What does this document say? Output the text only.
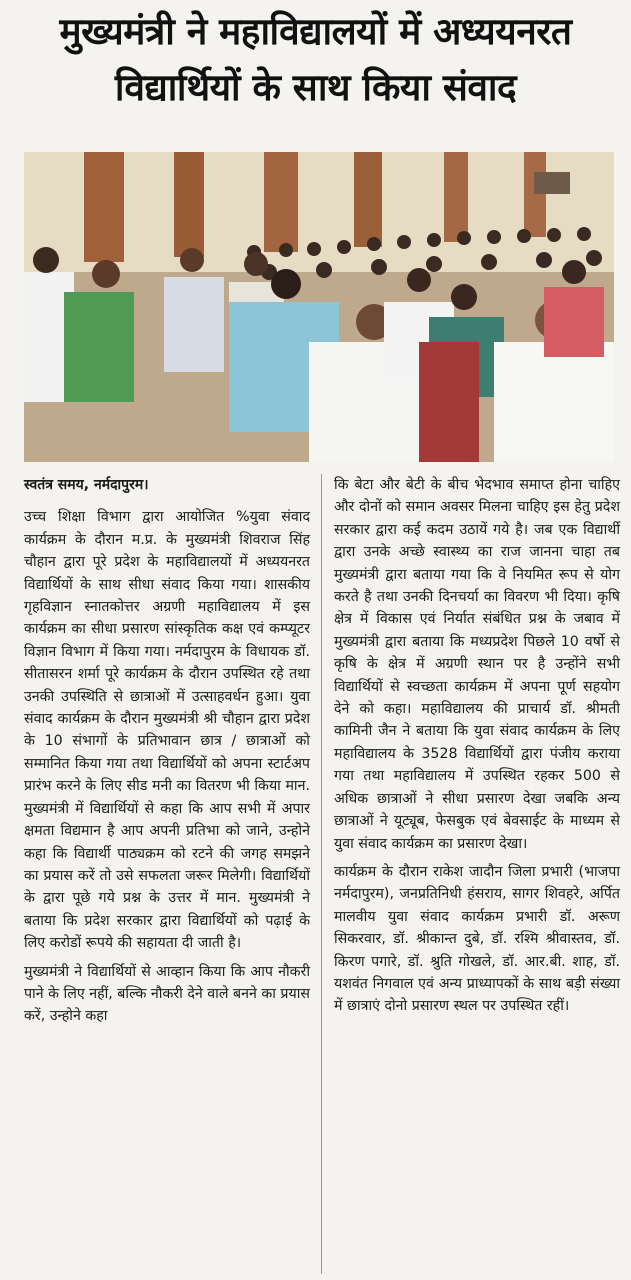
मुख्यमंत्री ने महाविद्यालयों में अध्ययनरत
विद्यार्थियों के साथ किया संवाद
स्वतंत्र समय, नर्मदापुरम।

उच्च शिक्षा विभाग द्वारा आयोजित %युवा संवाद कार्यक्रम के दौरान म.प्र. के मुख्यमंत्री शिवराज सिंह चौहान द्वारा पूरे प्रदेश के महाविद्यालयों में अध्ययनरत विद्यार्थियों के साथ सीधा संवाद किया गया। शासकीय गृहविज्ञान स्नातकोत्तर अग्रणी महाविद्यालय में इस कार्यक्रम का सीधा प्रसारण सांस्कृतिक कक्ष एवं कम्प्यूटर विज्ञान विभाग में किया गया। नर्मदापुरम के विधायक डॉ. सीतासरन शर्मा पूरे कार्यक्रम के दौरान उपस्थित रहे तथा उनकी उपस्थिति से छात्राओं में उत्साहवर्धन हुआ। युवा संवाद कार्यक्रम के दौरान मुख्यमंत्री श्री चौहान द्वारा प्रदेश के 10 संभागों के प्रतिभावान छात्र / छात्राओं को सम्मानित किया गया तथा विद्यार्थियों को अपना स्टार्टअप प्रारंभ करने के लिए सीड मनी का वितरण भी किया मान. मुख्यमंत्री में विद्यार्थियों से कहा कि आप सभी में अपार क्षमता विद्यमान है आप अपनी प्रतिभा को जाने, उन्होने कहा कि विद्यार्थी पाठ्यक्रम को रटने की जगह समझने का प्रयास करें तो उसे सफलता जरूर मिलेगी। विद्यार्थियों के द्वारा पूछे गये प्रश्न के उत्तर में मान. मुख्यमंत्री ने बताया कि प्रदेश सरकार द्वारा विद्यार्थियों को पढ़ाई के लिए करोडों रूपये की सहायता दी जाती है।

मुख्यमंत्री ने विद्यार्थियों से आव्हान किया कि आप नौकरी पाने के लिए नहीं, बल्कि नौकरी देने वाले बनने का प्रयास करें, उन्होने कहा

कि बेटा और बेटी के बीच भेदभाव समाप्त होना चाहिए और दोनों को समान अवसर मिलना चाहिए इस हेतु प्रदेश सरकार द्वारा कई कदम उठायें गये है। जब एक विद्यार्थी द्वारा उनके अच्छे स्वास्थ्य का राज जानना चाहा तब मुख्यमंत्री द्वारा बताया गया कि वे नियमित रूप से योग करते है तथा उनकी दिनचर्या का विवरण भी दिया। कृषि क्षेत्र में विकास एवं निर्यात संबंधित प्रश्न के जबाव में मुख्यमंत्री द्वारा बताया कि मध्यप्रदेश पिछले 10 वर्षो से कृषि के क्षेत्र में अग्रणी स्थान पर है उन्होंने सभी विद्यार्थियों से स्वच्छता कार्यक्रम में अपना पूर्ण सहयोग देने को कहा। महाविद्यालय की प्राचार्य डॉ. श्रीमती कामिनी जैन ने बताया कि युवा संवाद कार्यक्रम के लिए महाविद्यालय के 3528 विद्यार्थियों द्वारा पंजीय कराया गया तथा महाविद्यालय में उपस्थित रहकर 500 से अधिक छात्राओं ने सीधा प्रसारण देखा जबकि अन्य छात्राओं ने यूट्यूब, फेसबुक एवं बेवसाईट के माध्यम से युवा संवाद कार्यक्रम का प्रसारण देखा।

कार्यक्रम के दौरान राकेश जादौन जिला प्रभारी (भाजपा नर्मदापुरम), जनप्रतिनिधी हंसराय, सागर शिवहरे, अर्पित मालवीय युवा संवाद कार्यक्रम प्रभारी डॉ. अरूण सिकरवार, डॉ. श्रीकान्त दुबे, डॉ. रश्मि श्रीवास्तव, डॉ. किरण पगारे, डॉ. श्रुति गोखले, डॉ. आर.बी. शाह, डॉ. यशवंत निगवाल एवं अन्य प्राध्यापकों के साथ बड़ी संख्या में छात्राएं दोनो प्रसारण स्थल पर उपस्थित रहीं।
